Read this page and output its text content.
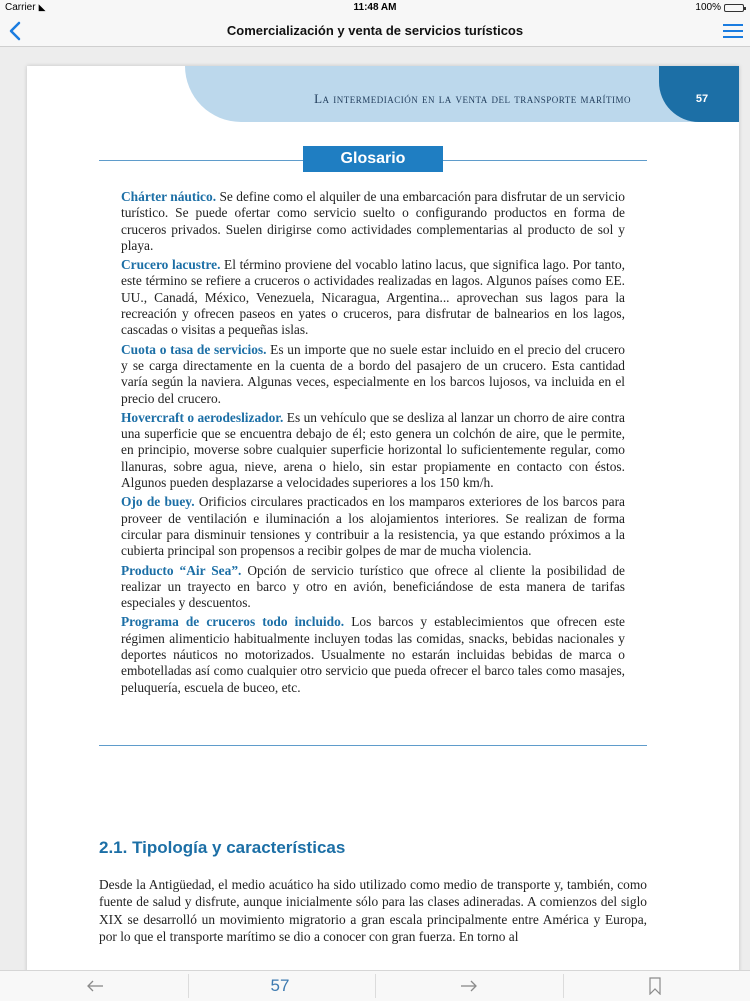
Carrier ◣	11:48 AM	100%
Comercialización y venta de servicios turísticos
La intermediación en la venta del transporte marítimo	57
Glosario

Chárter náutico. Se define como el alquiler de una embarcación para disfrutar de un servicio turístico. Se puede ofertar como servicio suelto o configurando productos en forma de cruceros privados. Suelen dirigirse como actividades complementarias al producto de sol y playa.

Crucero lacustre. El término proviene del vocablo latino lacus, que significa lago. Por tanto, este término se refiere a cruceros o actividades realizadas en lagos. Algunos países como EE. UU., Canadá, México, Venezuela, Nicaragua, Argentina... aprovechan sus lagos para la recreación y ofrecen paseos en yates o cruceros, para disfrutar de balnearios en los lagos, cascadas o visitas a pequeñas islas.

Cuota o tasa de servicios. Es un importe que no suele estar incluido en el precio del crucero y se carga directamente en la cuenta de a bordo del pasajero de un crucero. Esta cantidad varía según la naviera. Algunas veces, especialmente en los barcos lujosos, va incluida en el precio del crucero.

Hovercraft o aerodeslizador. Es un vehículo que se desliza al lanzar un chorro de aire contra una superficie que se encuentra debajo de él; esto genera un colchón de aire, que le permite, en principio, moverse sobre cualquier superficie horizontal lo suficientemente regular, como llanuras, sobre agua, nieve, arena o hielo, sin estar propiamente en contacto con éstos. Algunos pueden desplazarse a velocidades superiores a los 150 km/h.

Ojo de buey. Orificios circulares practicados en los mamparos exteriores de los barcos para proveer de ventilación e iluminación a los alojamientos interiores. Se realizan de forma circular para disminuir tensiones y contribuir a la resistencia, ya que estando próximos a la cubierta principal son propensos a recibir golpes de mar de mucha violencia.

Producto “Air Sea”. Opción de servicio turístico que ofrece al cliente la posibilidad de realizar un trayecto en barco y otro en avión, beneficiándose de esta manera de tarifas especiales y descuentos.

Programa de cruceros todo incluido. Los barcos y establecimientos que ofrecen este régimen alimenticio habitualmente incluyen todas las comidas, snacks, bebidas nacionales y deportes náuticos no motorizados. Usualmente no estarán incluidas bebidas de marca o embotelladas así como cualquier otro servicio que pueda ofrecer el barco tales como masajes, peluquería, escuela de buceo, etc.

2.1. Tipología y características
Desde la Antigüedad, el medio acuático ha sido utilizado como medio de transporte y, también, como fuente de salud y disfrute, aunque inicialmente sólo para las clases adineradas. A comienzos del siglo XIX se desarrolló un movimiento migratorio a gran escala principalmente entre América y Europa, por lo que el transporte marítimo se dio a conocer con gran fuerza. En torno al
57
